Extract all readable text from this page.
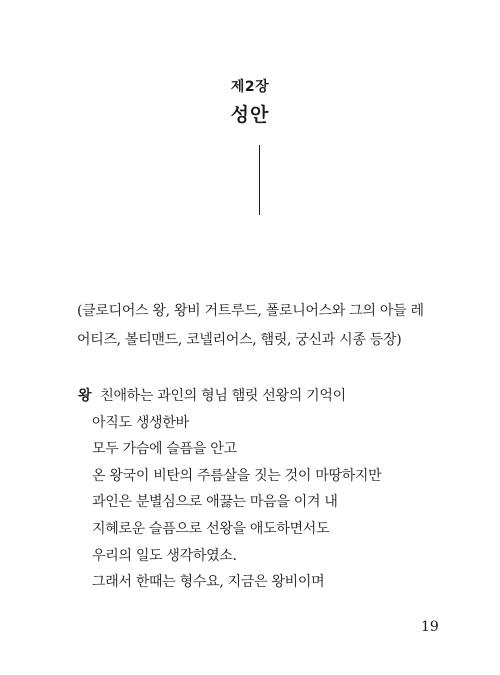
제2장
성안
(클로디어스 왕, 왕비 거트루드, 폴로니어스와 그의 아들 레
어티즈, 볼티맨드, 코넬리어스, 햄릿, 궁신과 시종 등장)
왕 친애하는 과인의 형님 햄릿 선왕의 기억이
아직도 생생한바
모두 가슴에 슬픔을 안고
온 왕국이 비탄의 주름살을 짓는 것이 마땅하지만
과인은 분별심으로 애끓는 마음을 이겨 내
지혜로운 슬픔으로 선왕을 애도하면서도
우리의 일도 생각하였소.
그래서 한때는 형수요, 지금은 왕비이며
19
